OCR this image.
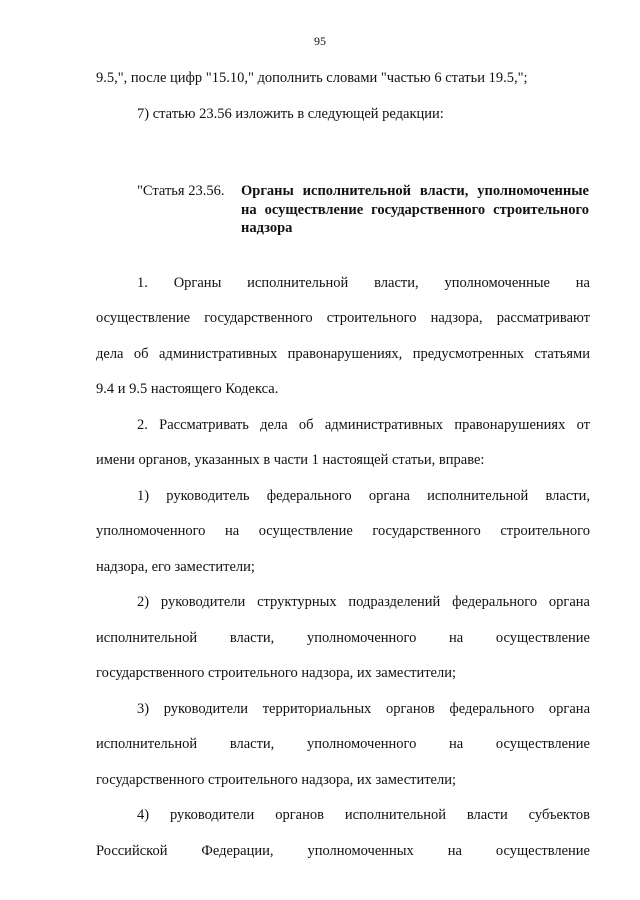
95

9.5,", после цифр "15.10," дополнить словами "частью 6 статьи 19.5,";

7) статью 23.56 изложить в следующей редакции:

"Статья 23.56. Органы исполнительной власти, уполномоченные
на осуществление государственного строительного
надзора

1. Органы исполнительной власти, уполномоченные на
осуществление государственного строительного надзора, рассматривают
дела об административных правонарушениях, предусмотренных статьями
9.4 и 9.5 настоящего Кодекса.

2. Рассматривать дела об административных правонарушениях от
имени органов, указанных в части 1 настоящей статьи, вправе:

1) руководитель федерального органа исполнительной власти,
уполномоченного на осуществление государственного строительного
надзора, его заместители;

2) руководители структурных подразделений федерального органа
исполнительной власти, уполномоченного на осуществление
государственного строительного надзора, их заместители;

3) руководители территориальных органов федерального органа
исполнительной власти, уполномоченного на осуществление
государственного строительного надзора, их заместители;

4) руководители органов исполнительной власти субъектов
Российской Федерации, уполномоченных на осуществление
